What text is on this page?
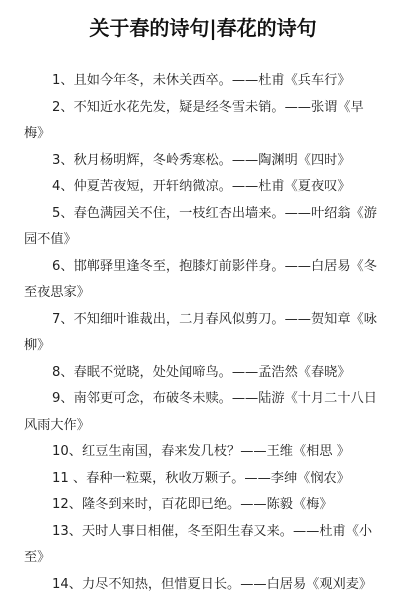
关于春的诗句|春花的诗句
1、且如今年冬，未休关西卒。——杜甫《兵车行》
2、不知近水花先发，疑是经冬雪未销。——张谓《早梅》
3、秋月杨明辉，冬岭秀寒松。——陶渊明《四时》
4、仲夏苦夜短，开轩纳微凉。——杜甫《夏夜叹》
5、春色满园关不住，一枝红杏出墙来。——叶绍翁《游园不值》
6、邯郸驿里逢冬至，抱膝灯前影伴身。——白居易《冬至夜思家》
7、不知细叶谁裁出，二月春风似剪刀。——贺知章《咏柳》
8、春眠不觉晓，处处闻啼鸟。——孟浩然《春晓》
9、南邻更可念，布破冬未赎。——陆游《十月二十八日风雨大作》
10、红豆生南国，春来发几枝？——王维《相思 》
11 、春种一粒粟，秋收万颗子。——李绅《悯农》
12、隆冬到来时，百花即已绝。——陈毅《梅》
13、天时人事日相催，冬至阳生春又来。——杜甫《小至》
14、力尽不知热，但惜夏日长。——白居易《观刈麦》
